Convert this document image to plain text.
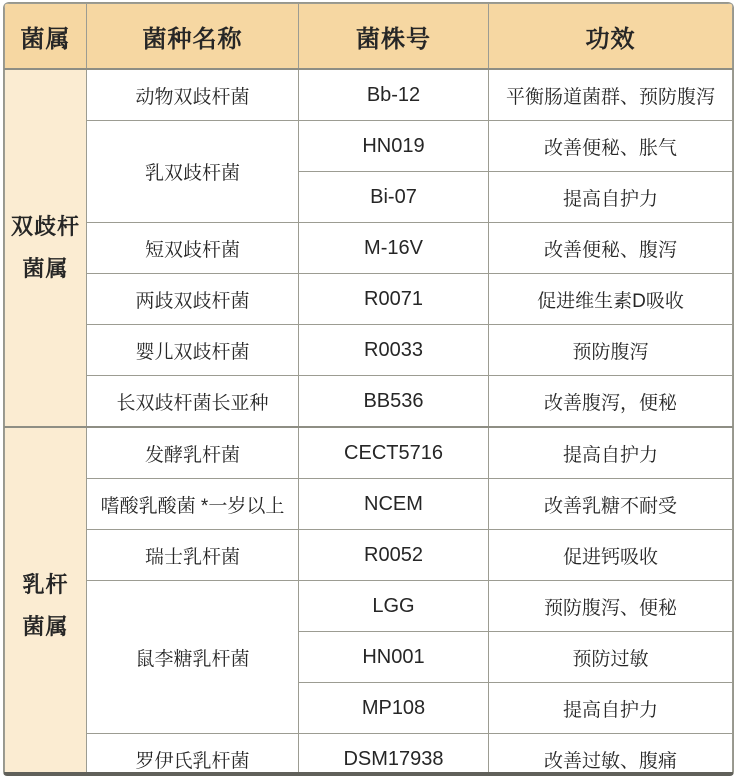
菌属	菌种名称	菌株号	功效

双歧杆
菌属	动物双歧杆菌	Bb-12	平衡肠道菌群、预防腹泻
	乳双歧杆菌	HN019	改善便秘、胀气
		Bi-07	提高自护力
	短双歧杆菌	M-16V	改善便秘、腹泻
	两歧双歧杆菌	R0071	促进维生素D吸收
	婴儿双歧杆菌	R0033	预防腹泻
	长双歧杆菌长亚种	BB536	改善腹泻，便秘

乳杆
菌属	发酵乳杆菌	CECT5716	提高自护力
	嗜酸乳酸菌 *一岁以上	NCEM	改善乳糖不耐受
	瑞士乳杆菌	R0052	促进钙吸收
	鼠李糖乳杆菌	LGG	预防腹泻、便秘
		HN001	预防过敏
		MP108	提高自护力
	罗伊氏乳杆菌	DSM17938	改善过敏、腹痛
